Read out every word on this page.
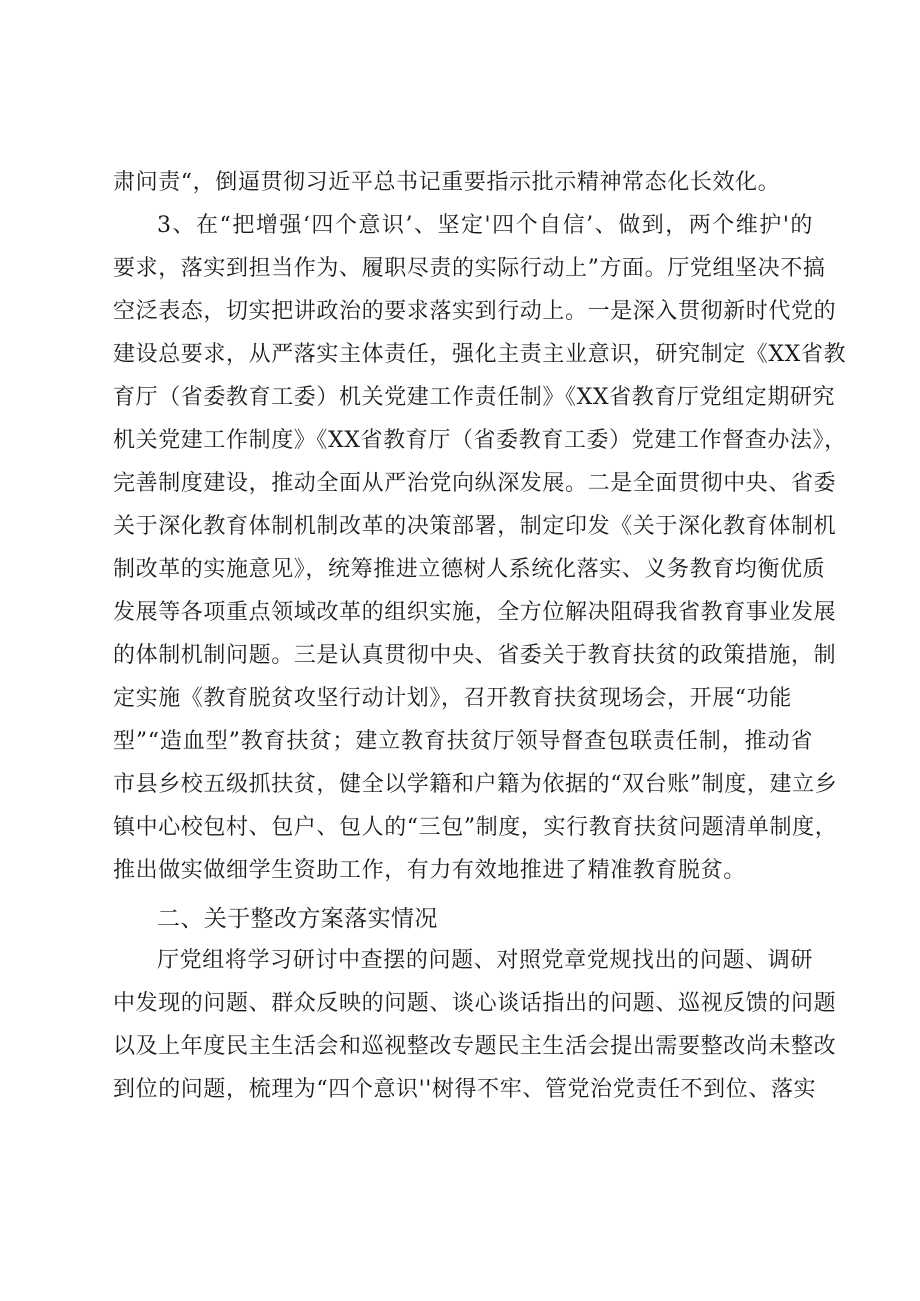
肃问责“，倒逼贯彻习近平总书记重要指示批示精神常态化长效化。
3、在“把增强‘四个意识’、坚定'四个自信’、做到，两个维护'的
要求，落实到担当作为、履职尽责的实际行动上”方面。厅党组坚决不搞
空泛表态，切实把讲政治的要求落实到行动上。一是深入贯彻新时代党的
建设总要求，从严落实主体责任，强化主责主业意识，研究制定《XX省教
育厅（省委教育工委）机关党建工作责任制》《XX省教育厅党组定期研究
机关党建工作制度》《XX省教育厅（省委教育工委）党建工作督查办法》，
完善制度建设，推动全面从严治党向纵深发展。二是全面贯彻中央、省委
关于深化教育体制机制改革的决策部署，制定印发《关于深化教育体制机
制改革的实施意见》，统筹推进立德树人系统化落实、义务教育均衡优质
发展等各项重点领域改革的组织实施，全方位解决阻碍我省教育事业发展
的体制机制问题。三是认真贯彻中央、省委关于教育扶贫的政策措施，制
定实施《教育脱贫攻坚行动计划》，召开教育扶贫现场会，开展“功能
型”“造血型”教育扶贫；建立教育扶贫厅领导督查包联责任制，推动省
市县乡校五级抓扶贫，健全以学籍和户籍为依据的“双台账”制度，建立乡
镇中心校包村、包户、包人的“三包”制度，实行教育扶贫问题清单制度，
推出做实做细学生资助工作，有力有效地推进了精准教育脱贫。
二、关于整改方案落实情况
厅党组将学习研讨中查摆的问题、对照党章党规找出的问题、调研
中发现的问题、群众反映的问题、谈心谈话指出的问题、巡视反馈的问题
以及上年度民主生活会和巡视整改专题民主生活会提出需要整改尚未整改
到位的问题，梳理为“四个意识''树得不牢、管党治党责任不到位、落实
